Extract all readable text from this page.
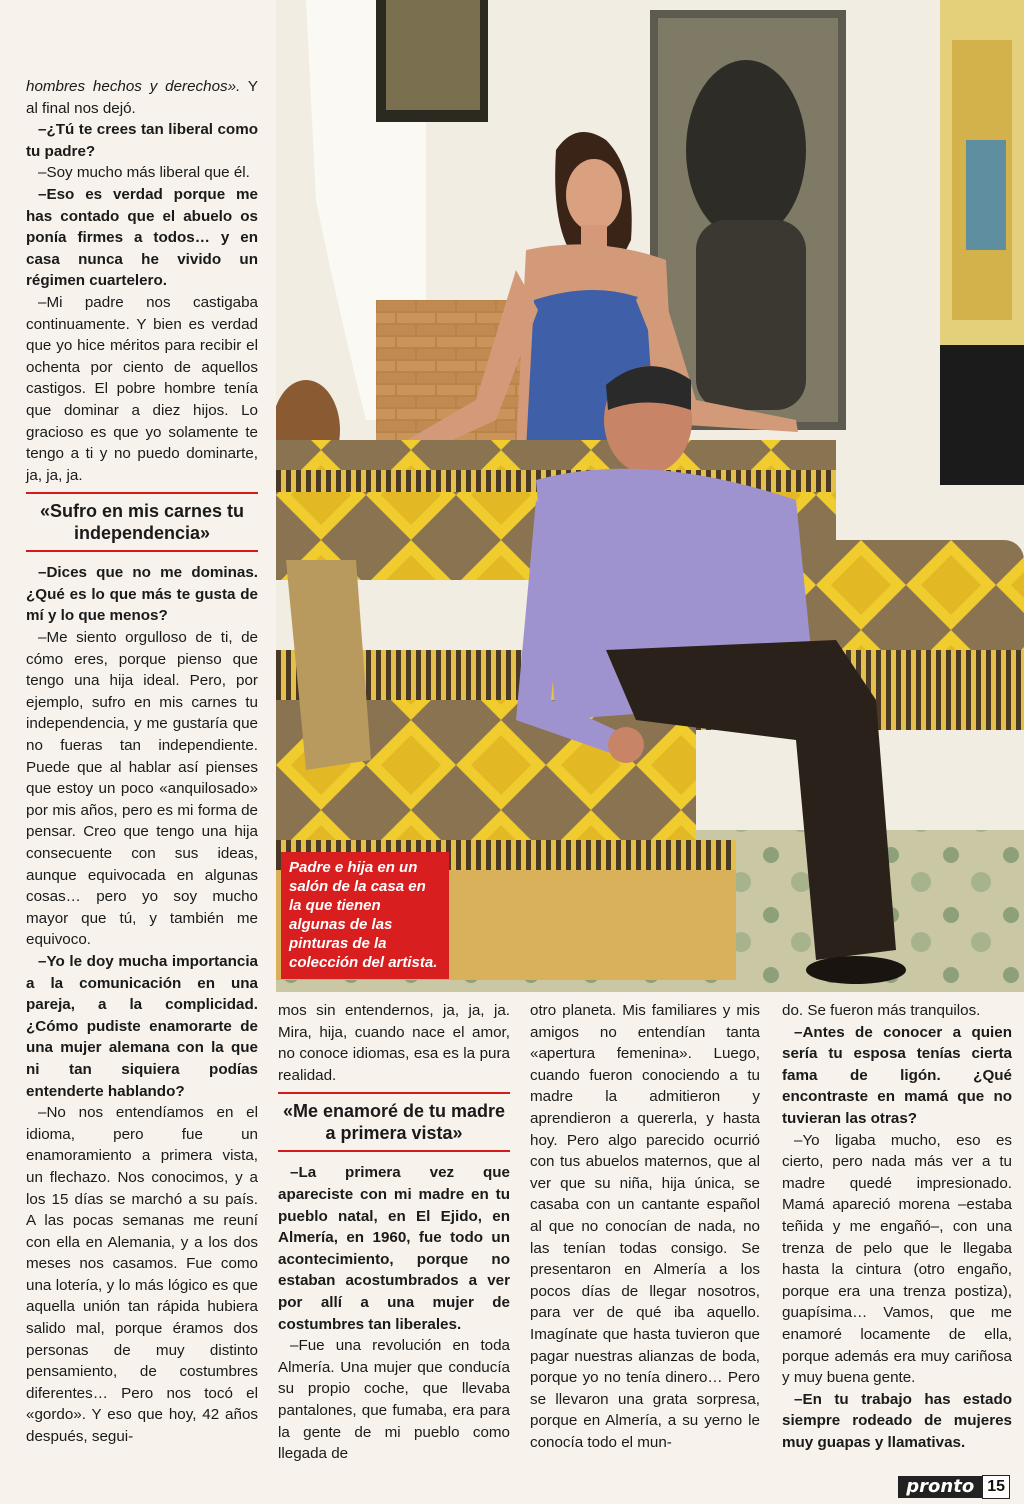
hombres hechos y derechos». Y al final nos dejó.

–¿Tú te crees tan liberal como tu padre?

–Soy mucho más liberal que él.

–Eso es verdad porque me has contado que el abuelo os ponía firmes a todos… y en casa nunca he vivido un régimen cuartelero.

–Mi padre nos castigaba continuamente. Y bien es verdad que yo hice méritos para recibir el ochenta por ciento de aquellos castigos. El pobre hombre tenía que dominar a diez hijos. Lo gracioso es que yo solamente te tengo a ti y no puedo dominarte, ja, ja, ja.

«Sufro en mis carnes tu independencia»

–Dices que no me dominas. ¿Qué es lo que más te gusta de mí y lo que menos?

–Me siento orgulloso de ti, de cómo eres, porque pienso que tengo una hija ideal. Pero, por ejemplo, sufro en mis carnes tu independencia, y me gustaría que no fueras tan independiente. Puede que al hablar así pienses que estoy un poco «anquilosado» por mis años, pero es mi forma de pensar. Creo que tengo una hija consecuente con sus ideas, aunque equivocada en algunas cosas… pero yo soy mucho mayor que tú, y también me equivoco.

–Yo le doy mucha importancia a la comunicación en una pareja, a la complicidad. ¿Cómo pudiste enamorarte de una mujer alemana con la que ni tan siquiera podías entenderte hablando?

–No nos entendíamos en el idioma, pero fue un enamoramiento a primera vista, un flechazo. Nos conocimos, y a los 15 días se marchó a su país. A las pocas semanas me reuní con ella en Alemania, y a los dos meses nos casamos. Fue como una lotería, y lo más lógico es que aquella unión tan rápida hubiera salido mal, porque éramos dos personas de muy distinto pensamiento, de costumbres diferentes… Pero nos tocó el «gordo». Y eso que hoy, 42 años después, segui-

Padre e hija en un salón de la casa en la que tienen algunas de las pinturas de la colección del artista.

mos sin entendernos, ja, ja, ja. Mira, hija, cuando nace el amor, no conoce idiomas, esa es la pura realidad.

«Me enamoré de tu madre a primera vista»

–La primera vez que apareciste con mi madre en tu pueblo natal, en El Ejido, en Almería, en 1960, fue todo un acontecimiento, porque no estaban acostumbrados a ver por allí a una mujer de costumbres tan liberales.

–Fue una revolución en toda Almería. Una mujer que conducía su propio coche, que llevaba pantalones, que fumaba, era para la gente de mi pueblo como llegada de

otro planeta. Mis familiares y mis amigos no entendían tanta «apertura femenina». Luego, cuando fueron conociendo a tu madre la admitieron y aprendieron a quererla, y hasta hoy. Pero algo parecido ocurrió con tus abuelos maternos, que al ver que su niña, hija única, se casaba con un cantante español al que no conocían de nada, no las tenían todas consigo. Se presentaron en Almería a los pocos días de llegar nosotros, para ver de qué iba aquello. Imagínate que hasta tuvieron que pagar nuestras alianzas de boda, porque yo no tenía dinero… Pero se llevaron una grata sorpresa, porque en Almería, a su yerno le conocía todo el mun-

do. Se fueron más tranquilos.

–Antes de conocer a quien sería tu esposa tenías cierta fama de ligón. ¿Qué encontraste en mamá que no tuvieran las otras?

–Yo ligaba mucho, eso es cierto, pero nada más ver a tu madre quedé impresionado. Mamá apareció morena –estaba teñida y me engañó–, con una trenza de pelo que le llegaba hasta la cintura (otro engaño, porque era una trenza postiza), guapísima… Vamos, que me enamoré locamente de ella, porque además era muy cariñosa y muy buena gente.

–En tu trabajo has estado siempre rodeado de mujeres muy guapas y llamativas.

pronto 15
